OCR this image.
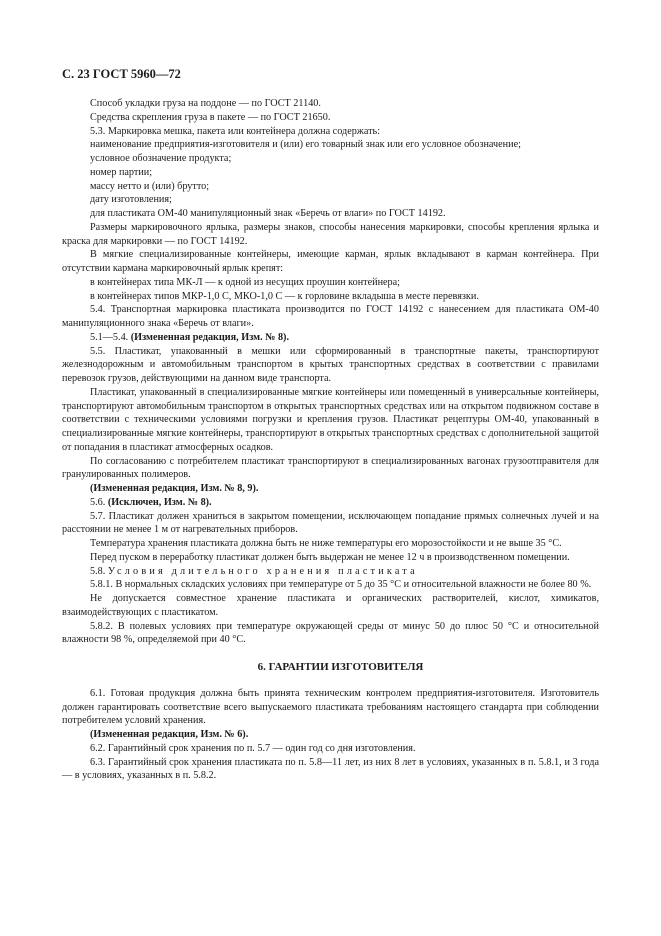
С. 23 ГОСТ 5960—72

Способ укладки груза на поддоне — по ГОСТ 21140.

Средства скрепления груза в пакете — по ГОСТ 21650.

5.3. Маркировка мешка, пакета или контейнера должна содержать:

наименование предприятия-изготовителя и (или) его товарный знак или его условное обозначение;

условное обозначение продукта;

номер партии;

массу нетто и (или) брутто;

дату изготовления;

для пластиката ОМ-40 манипуляционный знак «Беречь от влаги» по ГОСТ 14192.

Размеры маркировочного ярлыка, размеры знаков, способы нанесения маркировки, способы крепления ярлыка и краска для маркировки — по ГОСТ 14192.

В мягкие специализированные контейнеры, имеющие карман, ярлык вкладывают в карман контейнера. При отсутствии кармана маркировочный ярлык крепят:

в контейнерах типа МК-Л — к одной из несущих проушин контейнера;

в контейнерах типов МКР-1,0 С, МКО-1,0 С — к горловине вкладыша в месте перевязки.

5.4. Транспортная маркировка пластиката производится по ГОСТ 14192 с нанесением для пластиката ОМ-40 манипуляционного знака «Беречь от влаги».

5.1—5.4. (Измененная редакция, Изм. № 8).

5.5. Пластикат, упакованный в мешки или сформированный в транспортные пакеты, транспортируют железнодорожным и автомобильным транспортом в крытых транспортных средствах в соответствии с правилами перевозок грузов, действующими на данном виде транспорта.

Пластикат, упакованный в специализированные мягкие контейнеры или помещенный в универсальные контейнеры, транспортируют автомобильным транспортом в открытых транспортных средствах или на открытом подвижном составе в соответствии с техническими условиями погрузки и крепления грузов. Пластикат рецептуры ОМ-40, упакованный в специализированные мягкие контейнеры, транспортируют в открытых транспортных средствах с дополнительной защитой от попадания в пластикат атмосферных осадков.

По согласованию с потребителем пластикат транспортируют в специализированных вагонах грузоотправителя для гранулированных полимеров.

(Измененная редакция, Изм. № 8, 9).

5.6. (Исключен, Изм. № 8).

5.7. Пластикат должен храниться в закрытом помещении, исключающем попадание прямых солнечных лучей и на расстоянии не менее 1 м от нагревательных приборов.

Температура хранения пластиката должна быть не ниже температуры его морозостойкости и не выше 35 °С.

Перед пуском в переработку пластикат должен быть выдержан не менее 12 ч в производственном помещении.

5.8. Условия длительного хранения пластиката

5.8.1. В нормальных складских условиях при температуре от 5 до 35 °С и относительной влажности не более 80 %.

Не допускается совместное хранение пластиката и органических растворителей, кислот, химикатов, взаимодействующих с пластикатом.

5.8.2. В полевых условиях при температуре окружающей среды от минус 50 до плюс 50 °С и относительной влажности 98 %, определяемой при 40 °С.

6. ГАРАНТИИ ИЗГОТОВИТЕЛЯ

6.1. Готовая продукция должна быть принята техническим контролем предприятия-изготовителя. Изготовитель должен гарантировать соответствие всего выпускаемого пластиката требованиям настоящего стандарта при соблюдении потребителем условий хранения.

(Измененная редакция, Изм. № 6).

6.2. Гарантийный срок хранения по п. 5.7 — один год со дня изготовления.

6.3. Гарантийный срок хранения пластиката по п. 5.8—11 лет, из них 8 лет в условиях, указанных в п. 5.8.1, и 3 года — в условиях, указанных в п. 5.8.2.
